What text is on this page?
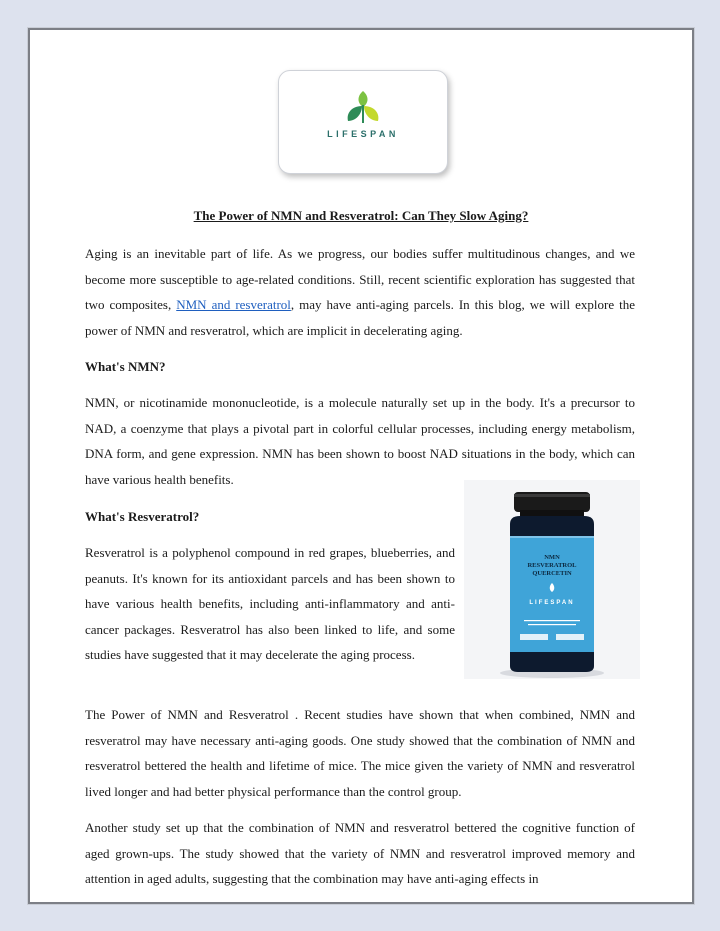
LIFESPAN
The Power of NMN and Resveratrol: Can They Slow Aging?

Aging is an inevitable part of life. As we progress, our bodies suffer multitudinous changes, and we become more susceptible to age-related conditions. Still, recent scientific exploration has suggested that two composites, NMN and resveratrol, may have anti-aging parcels. In this blog, we will explore the power of NMN and resveratrol, which are implicit in decelerating aging.

What's NMN?

NMN, or nicotinamide mononucleotide, is a molecule naturally set up in the body. It's a precursor to NAD, a coenzyme that plays a pivotal part in colorful cellular processes, including energy metabolism, DNA form, and gene expression. NMN has been shown to boost NAD situations in the body, which can have various health benefits.

What's Resveratrol?

Resveratrol is a polyphenol compound in red grapes, blueberries, and peanuts. It's known for its antioxidant parcels and has been shown to have various health benefits, including anti-inflammatory and anti-cancer packages. Resveratrol has also been linked to life, and some studies have suggested that it may decelerate the aging process.

NMN
RESVERATROL
QUERCETIN
LIFESPAN

The Power of NMN and Resveratrol . Recent studies have shown that when combined, NMN and resveratrol may have necessary anti-aging goods. One study showed that the combination of NMN and resveratrol bettered the health and lifetime of mice. The mice given the variety of NMN and resveratrol lived longer and had better physical performance than the control group.

Another study set up that the combination of NMN and resveratrol bettered the cognitive function of aged grown-ups. The study showed that the variety of NMN and resveratrol improved memory and attention in aged adults, suggesting that the combination may have anti-aging effects in
